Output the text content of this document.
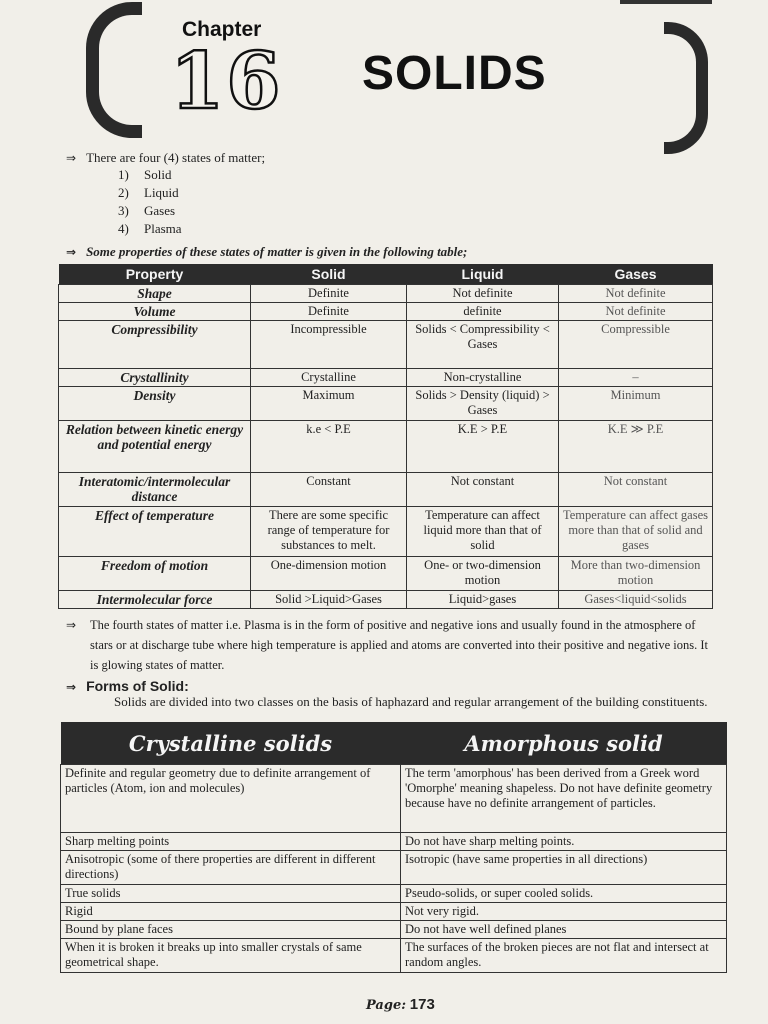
Chapter
16 SOLIDS
⇒ There are four (4) states of matter;
1) Solid
2) Liquid
3) Gases
4) Plasma
⇒ Some properties of these states of matter is given in the following table;
Property	Solid	Liquid	Gases
Shape	Definite	Not definite	Not definite
Volume	Definite	definite	Not definite
Compressibility	Incompressible	Solids < Compressibility < Gases	Compressible
Crystallinity	Crystalline	Non-crystalline	–
Density	Maximum	Solids > Density (liquid) > Gases	Minimum
Relation between kinetic energy and potential energy	k.e < P.E	K.E > P.E	K.E ≫ P.E
Interatomic/intermolecular distance	Constant	Not constant	Not constant
Effect of temperature	There are some specific range of temperature for substances to melt.	Temperature can affect liquid more than that of solid	Temperature can affect gases more than that of solid and gases
Freedom of motion	One-dimension motion	One- or two-dimension motion	More than two-dimension motion
Intermolecular force	Solid >Liquid>Gases	Liquid>gases	Gases<liquid<solids
⇒ The fourth states of matter i.e. Plasma is in the form of positive and negative ions and usually found in the atmosphere of stars or at discharge tube where high temperature is applied and atoms are converted into their positive and negative ions. It is glowing states of matter.

⇒ Forms of Solid:
Solids are divided into two classes on the basis of haphazard and regular arrangement of the building constituents.
Crystalline solids	Amorphous solid
Definite and regular geometry due to definite arrangement of particles (Atom, ion and molecules)	The term 'amorphous' has been derived from a Greek word 'Omorphe' meaning shapeless. Do not have definite geometry because have no definite arrangement of particles.
Sharp melting points	Do not have sharp melting points.
Anisotropic (some of there properties are different in different directions)	Isotropic (have same properties in all directions)
True solids	Pseudo-solids, or super cooled solids.
Rigid	Not very rigid.
Bound by plane faces	Do not have well defined planes
When it is broken it breaks up into smaller crystals of same geometrical shape.	The surfaces of the broken pieces are not flat and intersect at random angles.
Page: 173
